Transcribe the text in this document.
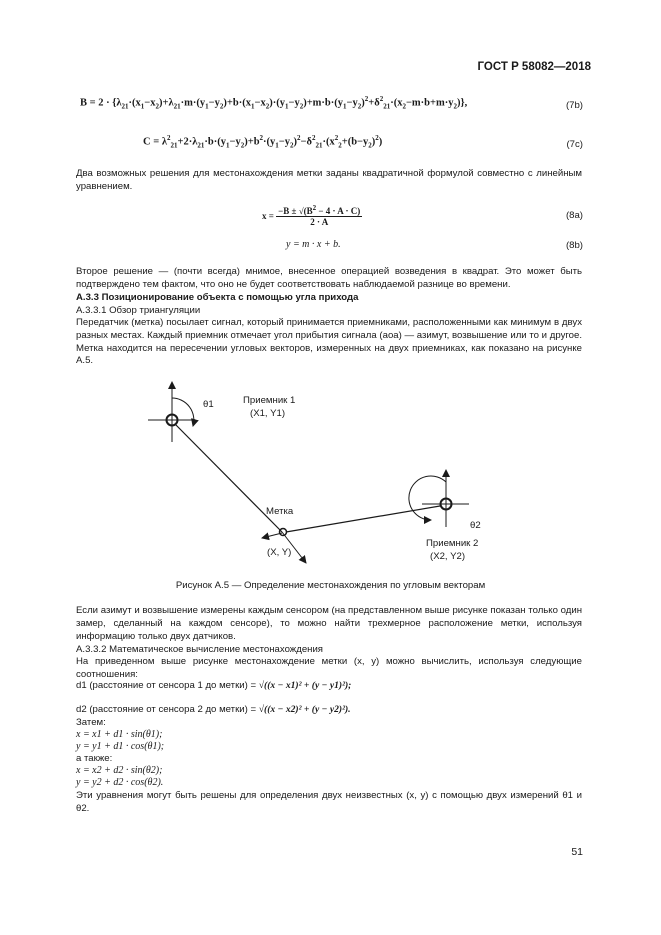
ГОСТ Р 58082—2018
$B = 2 \cdot \{\lambda_{21}\cdot(x_1-x_2)+\lambda_{21}\cdot m\cdot(y_1-y_2)+b\cdot(x_1-x_2)\cdot(y_1-y_2)+m\cdot b\cdot(y_1-y_2)^2+\delta^2_{21}\cdot(x_2-m\cdot b+m\cdot y_2)\}$,	(7b)
$C = \lambda^2_{21}+2\cdot\lambda_{21}\cdot b\cdot(y_1-y_2)+b^2\cdot(y_1-y_2)^2-\delta^2_{21}\cdot(x^2_2+(b-y_2)^2)$	(7c)
Два возможных решения для местонахождения метки заданы квадратичной формулой совместно с линейным уравнением.
$x = \frac{-B \pm √(B^2 - 4 \cdot A \cdot C)}{2 \cdot A}$	(8a)
y = m · x + b.	(8b)
Второе решение — (почти всегда) мнимое, внесенное операцией возведения в квадрат. Это может быть подтверждено тем фактом, что оно не будет соответствовать наблюдаемой разнице во времени.
А.3.3 Позиционирование объекта с помощью угла прихода
А.3.3.1 Обзор триангуляции
Передатчик (метка) посылает сигнал, который принимается приемниками, расположенными как минимум в двух разных местах. Каждый приемник отмечает угол прибытия сигнала (aoa) — азимут, возвышение или то и другое. Метка находится на пересечении угловых векторов, измеренных на двух приемниках, как показано на рисунке А.5.
θ1	Приемник 1
(X1, Y1)
Метка
(X, Y)
θ2
Приемник 2
(X2, Y2)
Рисунок А.5 — Определение местонахождения по угловым векторам
Если азимут и возвышение измерены каждым сенсором (на представленном выше рисунке показан только один замер, сделанный на каждом сенсоре), то можно найти трехмерное расположение метки, используя информацию только двух датчиков.
А.3.3.2 Математическое вычисление местонахождения
На приведенном выше рисунке местонахождение метки (x, y) можно вычислить, используя следующие соотношения:
d1 (расстояние от сенсора 1 до метки) = √((x − x1)² + (y − y1)²);
d2 (расстояние от сенсора 2 до метки) = √((x − x2)² + (y − y2)²).
Затем:
x = x1 + d1 · sin(θ1);
y = y1 + d1 · cos(θ1);
а также:
x = x2 + d2 · sin(θ2);
y = y2 + d2 · cos(θ2).
Эти уравнения могут быть решены для определения двух неизвестных (x, y) с помощью двух измерений θ1 и θ2.
51
